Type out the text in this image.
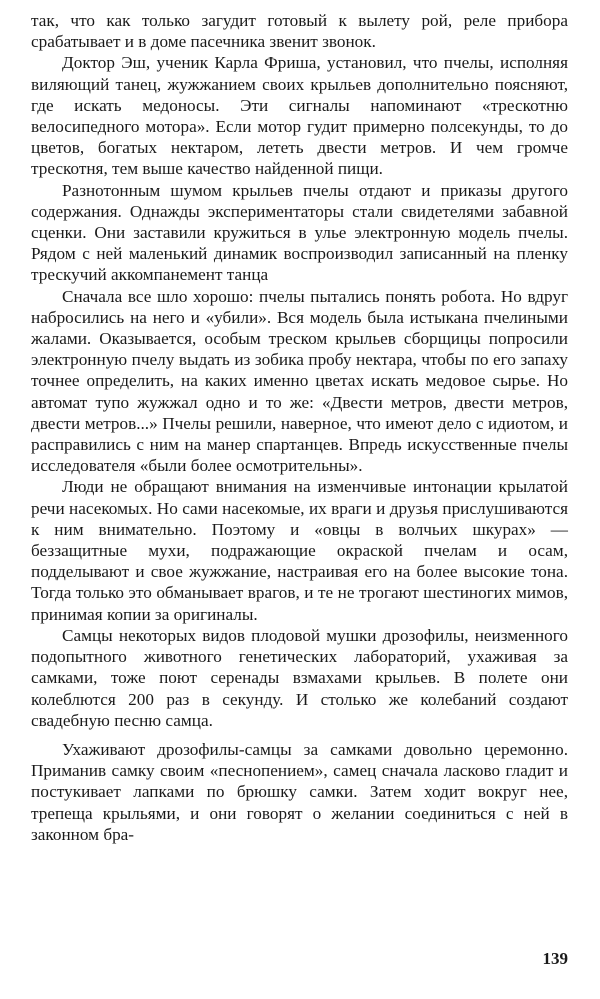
так, что как только загудит готовый к вылету рой, реле прибора срабатывает и в доме пасечника звенит звонок.

Доктор Эш, ученик Карла Фриша, установил, что пчелы, исполняя виляющий танец, жужжанием своих крыльев дополнительно поясняют, где искать медоносы. Эти сигналы напоминают «трескотню велосипедного мотора». Если мотор гудит примерно полсекунды, то до цветов, богатых нектаром, лететь двести метров. И чем громче трескотня, тем выше качество найденной пищи.

Разнотонным шумом крыльев пчелы отдают и приказы другого содержания. Однажды экспериментаторы стали свидетелями забавной сценки. Они заставили кружиться в улье электронную модель пчелы. Рядом с ней маленький динамик воспроизводил записанный на пленку трескучий аккомпанемент танца

Сначала все шло хорошо: пчелы пытались понять робота. Но вдруг набросились на него и «убили». Вся модель была истыкана пчелиными жалами. Оказывается, особым треском крыльев сборщицы попросили электронную пчелу выдать из зобика пробу нектара, чтобы по его запаху точнее определить, на каких именно цветах искать медовое сырье. Но автомат тупо жужжал одно и то же: «Двести метров, двести метров, двести метров...» Пчелы решили, наверное, что имеют дело с идиотом, и расправились с ним на манер спартанцев. Впредь искусственные пчелы исследователя «были более осмотрительны».

Люди не обращают внимания на изменчивые интонации крылатой речи насекомых. Но сами насекомые, их враги и друзья прислушиваются к ним внимательно. Поэтому и «овцы в волчьих шкурах» — беззащитные мухи, подражающие окраской пчелам и осам, подделывают и свое жужжание, настраивая его на более высокие тона. Тогда только это обманывает врагов, и те не трогают шестиногих мимов, принимая копии за оригиналы.

Самцы некоторых видов плодовой мушки дрозофилы, неизменного подопытного животного генетических лабораторий, ухаживая за самками, тоже поют серенады взмахами крыльев. В полете они колеблются 200 раз в секунду. И столько же колебаний создают свадебную песню самца.

Ухаживают дрозофилы-самцы за самками довольно церемонно. Приманив самку своим «песнопением», самец сначала ласково гладит и постукивает лапками по брюшку самки. Затем ходит вокруг нее, трепеща крыльями, и они говорят о желании соединиться с ней в законном бра-

139
